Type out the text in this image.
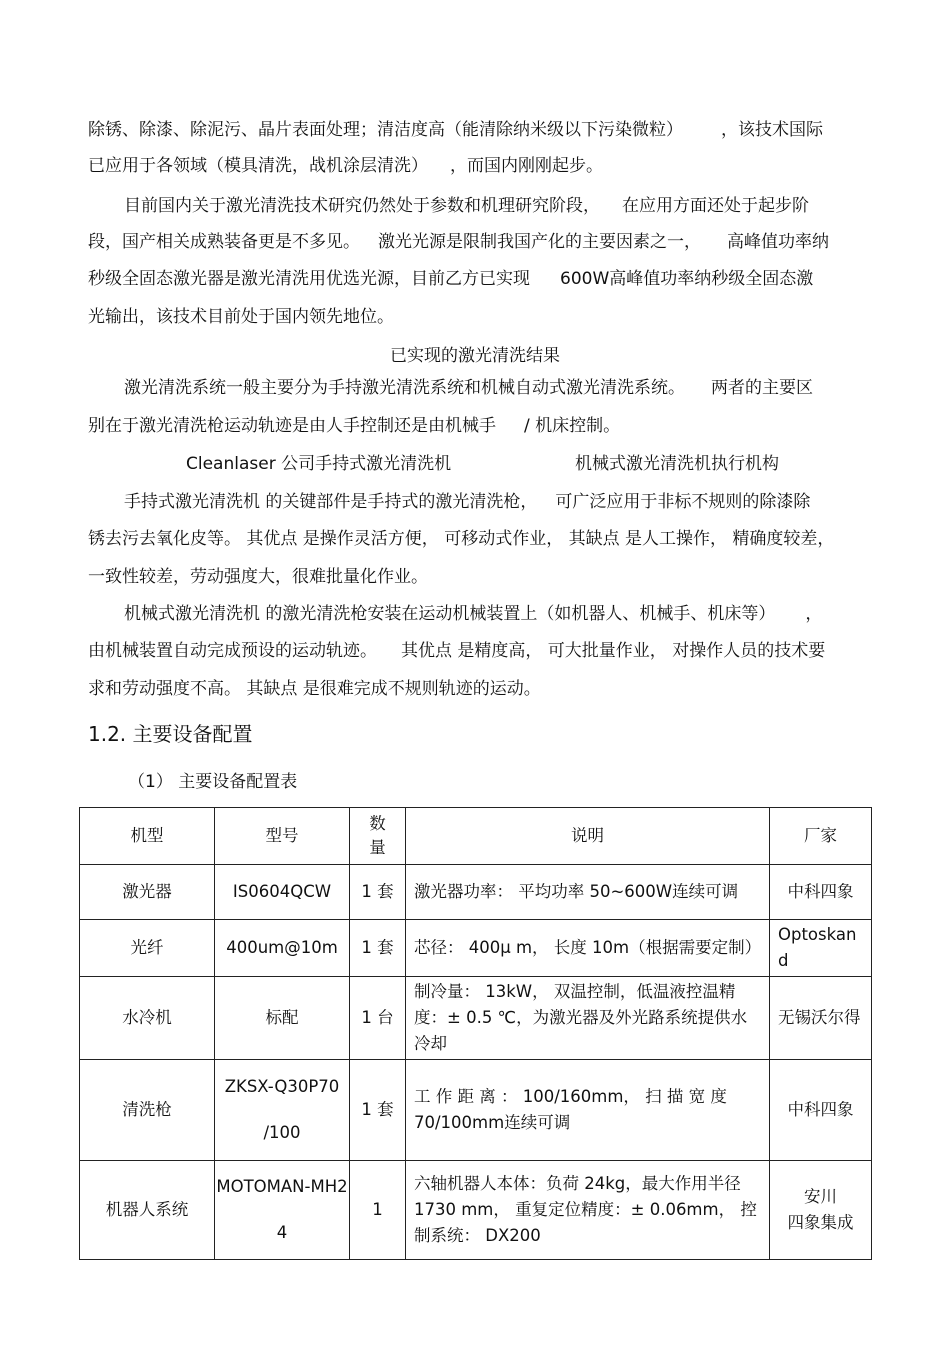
除锈、除漆、除泥污、晶片表面处理；清洁度高（能清除纳米级以下污染微粒） ，该技术国际
已应用于各领域（模具清洗，战机涂层清洗） ，而国内刚刚起步。
目前国内关于激光清洗技术研究仍然处于参数和机理研究阶段， 在应用方面还处于起步阶
段，国产相关成熟装备更是不多见。 激光光源是限制我国产化的主要因素之一， 高峰值功率纳
秒级全固态激光器是激光清洗用优选光源，目前乙方已实现 600W高峰值功率纳秒级全固态激
光输出，该技术目前处于国内领先地位。
已实现的激光清洗结果
激光清洗系统一般主要分为手持激光清洗系统和机械自动式激光清洗系统。 两者的主要区
别在于激光清洗枪运动轨迹是由人手控制还是由机械手 / 机床控制。
Cleanlaser 公司手持式激光清洗机	机械式激光清洗机执行机构
手持式激光清洗机 的关键部件是手持式的激光清洗枪， 可广泛应用于非标不规则的除漆除
锈去污去氧化皮等。 其优点 是操作灵活方便， 可移动式作业， 其缺点 是人工操作， 精确度较差，
一致性较差，劳动强度大，很难批量化作业。
机械式激光清洗机 的激光清洗枪安装在运动机械装置上（如机器人、机械手、机床等） ，
由机械装置自动完成预设的运动轨迹。 其优点 是精度高， 可大批量作业， 对操作人员的技术要
求和劳动强度不高。 其缺点 是很难完成不规则轨迹的运动。
1.2. 主要设备配置
（1） 主要设备配置表
机型	型号	数量	说明	厂家
激光器	IS0604QCW	1 套	激光器功率： 平均功率 50~600W连续可调	中科四象
光纤	400um@10m	1 套	芯径： 400μ m， 长度 10m（根据需要定制）	Optoskand
水冷机	标配	1 台	制冷量： 13kW， 双温控制，低温液控温精度：± 0.5 ℃，为激光器及外光路系统提供水冷却	无锡沃尔得
清洗枪	ZKSX-Q30P70
/100	1 套	工 作 距 离 ： 100/160mm， 扫 描 宽 度 70/100mm连续可调	中科四象
机器人系统	MOTOMAN-MH2
4	1	六轴机器人本体：负荷 24kg，最大作用半径 1730 mm， 重复定位精度：± 0.06mm， 控制系统： DX200	安川
四象集成
